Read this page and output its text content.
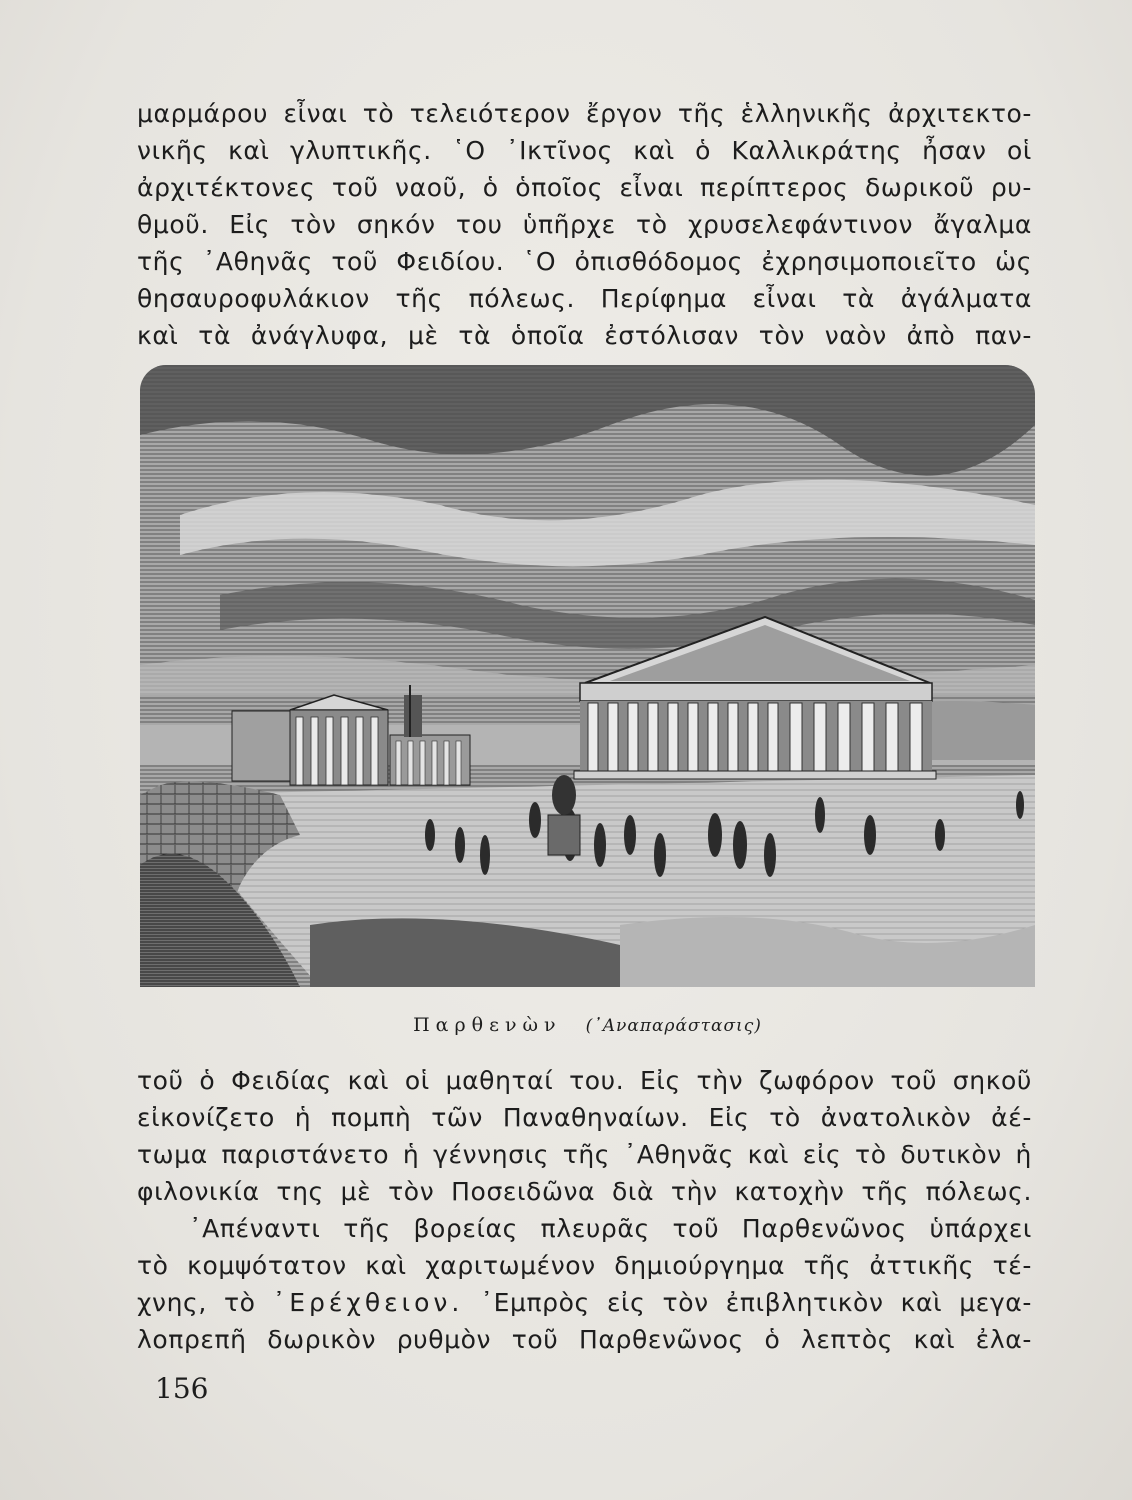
μαρμάρου εἶναι τὸ τελειότερον ἔργον τῆς ἑλληνικῆς ἀρχιτεκτο-
νικῆς καὶ γλυπτικῆς. ῾Ο ᾽Ικτῖνος καὶ ὁ Καλλικράτης ἦσαν οἱ
ἀρχιτέκτονες τοῦ ναοῦ, ὁ ὁποῖος εἶναι περίπτερος δωρικοῦ ρυ-
θμοῦ. Εἰς τὸν σηκόν του ὑπῆρχε τὸ χρυσελεφάντινον ἄγαλμα
τῆς ᾽Αθηνᾶς τοῦ Φειδίου. ῾Ο ὀπισθόδομος ἐχρησιμοποιεῖτο ὡς
θησαυροφυλάκιον τῆς πόλεως. Περίφημα εἶναι τὰ ἀγάλματα
καὶ τὰ ἀνάγλυφα, μὲ τὰ ὁποῖα ἐστόλισαν τὸν ναὸν ἀπὸ παν-
Παρθενὼν (᾽Αναπαράστασις)
τοῦ ὁ Φειδίας καὶ οἱ μαθηταί του. Εἰς τὴν ζωφόρον τοῦ σηκοῦ
εἰκονίζετο ἡ πομπὴ τῶν Παναθηναίων. Εἰς τὸ ἀνατολικὸν ἀέ-
τωμα παριστάνετο ἡ γέννησις τῆς ᾽Αθηνᾶς καὶ εἰς τὸ δυτικὸν ἡ
φιλονικία της μὲ τὸν Ποσειδῶνα διὰ τὴν κατοχὴν τῆς πόλεως.
᾽Απέναντι τῆς βορείας πλευρᾶς τοῦ Παρθενῶνος ὑπάρχει
τὸ κομψότατον καὶ χαριτωμένον δημιούργημα τῆς ἀττικῆς τέ-
χνης, τὸ ᾽Ερέχθειον. ᾽Εμπρὸς εἰς τὸν ἐπιβλητικὸν καὶ μεγα-
λοπρεπῆ δωρικὸν ρυθμὸν τοῦ Παρθενῶνος ὁ λεπτὸς καὶ ἐλα-
156
